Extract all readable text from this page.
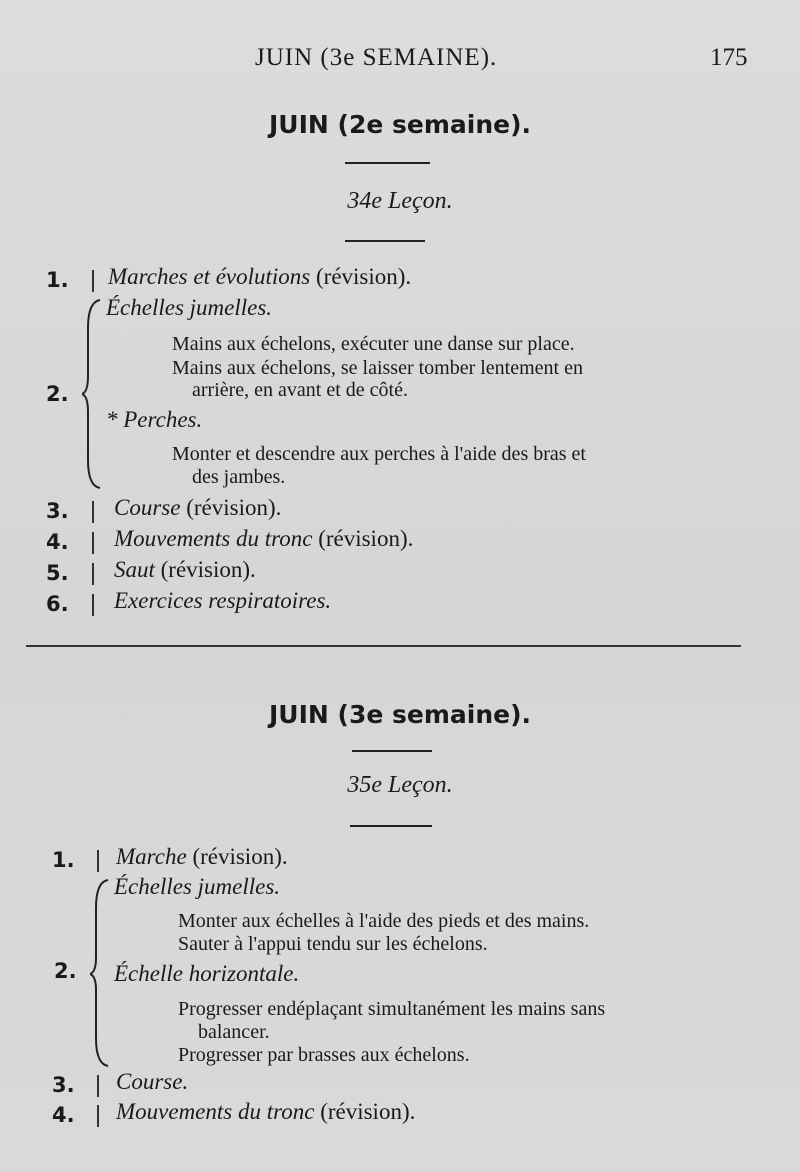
JUIN (3e SEMAINE).	175
JUIN (2e semaine).
34e Leçon.
1. Marches et évolutions (révision).
2.
Échelles jumelles.
Mains aux échelons, exécuter une danse sur place.
Mains aux échelons, se laisser tomber lentement en
arrière, en avant et de côté.
* Perches.
Monter et descendre aux perches à l'aide des bras et
des jambes.
3. Course (révision).
4. Mouvements du tronc (révision).
5. Saut (révision).
6. Exercices respiratoires.
JUIN (3e semaine).
35e Leçon.
1. Marche (révision).
2.
Échelles jumelles.
Monter aux échelles à l'aide des pieds et des mains.
Sauter à l'appui tendu sur les échelons.
Échelle horizontale.
Progresser endéplaçant simultanément les mains sans
balancer.
Progresser par brasses aux échelons.
3. Course.
4. Mouvements du tronc (révision).
